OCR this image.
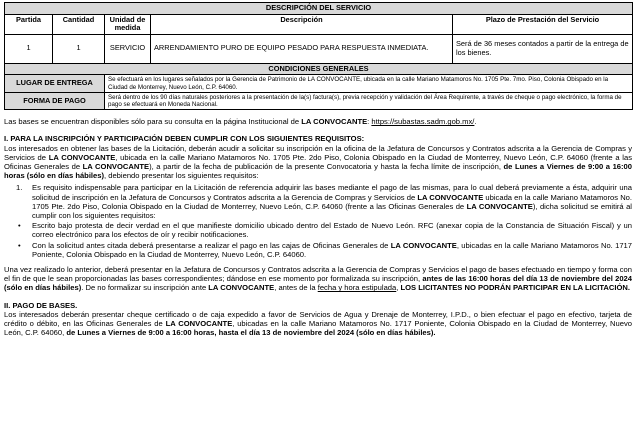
DESCRIPCIÓN DEL SERVICIO				
Partida	Cantidad	Unidad de medida	Descripción	Plazo de Prestación del Servicio
1	1	SERVICIO	ARRENDAMIENTO PURO DE EQUIPO PESADO PARA RESPUESTA INMEDIATA.	Será de 36 meses contados a partir de la entrega de los bienes.
CONDICIONES GENERALES				
LUGAR DE ENTREGA		Se efectuará en los lugares señalados por la Gerencia de Patrimonio de LA CONVOCANTE, ubicada en la calle Mariano Matamoros No. 1705 Pte. 7mo. Piso, Colonia Obispado en la Ciudad de Monterrey, Nuevo León, C.P. 64060.		
FORMA DE PAGO		Será dentro de los 90 días naturales posteriores a la presentación de la(s) factura(s), previa recepción y validación del Área Requirente, a través de cheque o pago electrónico, la forma de pago se efectuará en Moneda Nacional.		

Las bases se encuentran disponibles sólo para su consulta en la página Institucional de LA CONVOCANTE: https://subastas.sadm.gob.mx/.

I. PARA LA INSCRIPCIÓN Y PARTICIPACIÓN DEBEN CUMPLIR CON LOS SIGUIENTES REQUISITOS:

Los interesados en obtener las bases de la Licitación, deberán acudir a solicitar su inscripción en la oficina de la Jefatura de Concursos y Contratos adscrita a la Gerencia de Compras y Servicios de LA CONVOCANTE, ubicada en la calle Mariano Matamoros No. 1705 Pte. 2do Piso, Colonia Obispado en la Ciudad de Monterrey, Nuevo León, C.P. 64060 (frente a las Oficinas Generales de LA CONVOCANTE), a partir de la fecha de publicación de la presente Convocatoria y hasta la fecha límite de inscripción, de Lunes a Viernes de 9:00 a 16:00 horas (sólo en días hábiles), debiendo presentar los siguientes requisitos:

1. Es requisito indispensable para participar en la Licitación de referencia adquirir las bases mediante el pago de las mismas, para lo cual deberá previamente a ésta, adquirir una solicitud de inscripción en la Jefatura de Concursos y Contratos adscrita a la Gerencia de Compras y Servicios de LA CONVOCANTE ubicada en la calle Mariano Matamoros No. 1705 Pte. 2do Piso, Colonia Obispado en la Ciudad de Monterrey, Nuevo León, C.P. 64060 (frente a las Oficinas Generales de LA CONVOCANTE), dicha solicitud se emitirá al cumplir con los siguientes requisitos:
• Escrito bajo protesta de decir verdad en el que manifieste domicilio ubicado dentro del Estado de Nuevo León. RFC (anexar copia de la Constancia de Situación Fiscal) y un correo electrónico para los efectos de oír y recibir notificaciones.
• Con la solicitud antes citada deberá presentarse a realizar el pago en las cajas de Oficinas Generales de LA CONVOCANTE, ubicadas en la calle Mariano Matamoros No. 1717 Poniente, Colonia Obispado en la Ciudad de Monterrey, Nuevo León, C.P. 64060.

Una vez realizado lo anterior, deberá presentar en la Jefatura de Concursos y Contratos adscrita a la Gerencia de Compras y Servicios el pago de bases efectuado en tiempo y forma con el fin de que le sean proporcionadas las bases correspondientes; dándose en ese momento por formalizada su inscripción, antes de las 16:00 horas del día 13 de noviembre del 2024 (sólo en días hábiles). De no formalizar su inscripción ante LA CONVOCANTE, antes de la fecha y hora estipulada, LOS LICITANTES NO PODRÁN PARTICIPAR EN LA LICITACIÓN.

II. PAGO DE BASES.

Los interesados deberán presentar cheque certificado o de caja expedido a favor de Servicios de Agua y Drenaje de Monterrey, I.P.D., o bien efectuar el pago en efectivo, tarjeta de crédito o débito, en las Oficinas Generales de LA CONVOCANTE, ubicadas en la calle Mariano Matamoros No. 1717 Poniente, Colonia Obispado en la Ciudad de Monterrey, Nuevo León, C.P. 64060, de Lunes a Viernes de 9:00 a 16:00 horas, hasta el día 13 de noviembre del 2024 (sólo en días hábiles).
